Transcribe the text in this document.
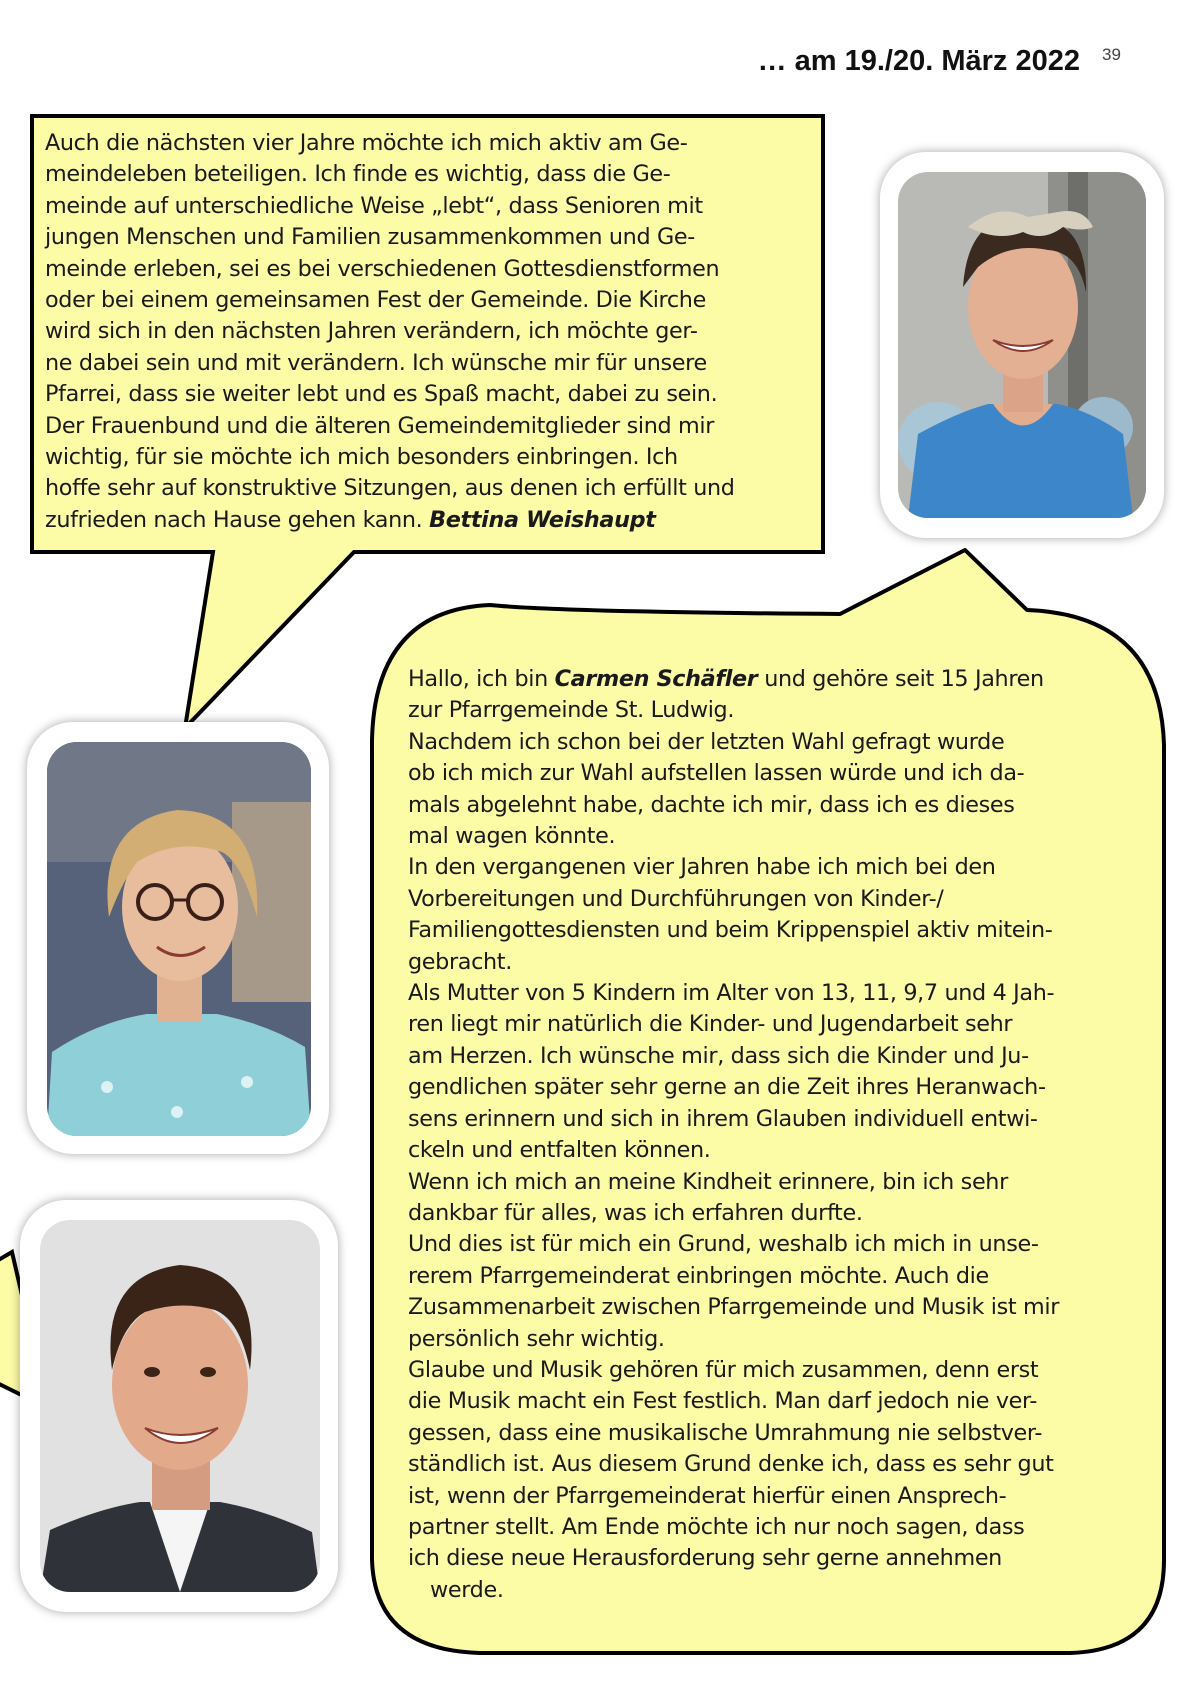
… am 19./20. März 2022 39
Auch die nächsten vier Jahre möchte ich mich aktiv am Ge-
meindeleben beteiligen. Ich finde es wichtig, dass die Ge-
meinde auf unterschiedliche Weise „lebt“, dass Senioren mit
jungen Menschen und Familien zusammenkommen und Ge-
meinde erleben, sei es bei verschiedenen Gottesdienstformen
oder bei einem gemeinsamen Fest der Gemeinde. Die Kirche
wird sich in den nächsten Jahren verändern, ich möchte ger-
ne dabei sein und mit verändern. Ich wünsche mir für unsere
Pfarrei, dass sie weiter lebt und es Spaß macht, dabei zu sein.
Der Frauenbund und die älteren Gemeindemitglieder sind mir
wichtig, für sie möchte ich mich besonders einbringen. Ich
hoffe sehr auf konstruktive Sitzungen, aus denen ich erfüllt und
zufrieden nach Hause gehen kann. Bettina Weishaupt
Hallo, ich bin Carmen Schäfler und gehöre seit 15 Jahren
zur Pfarrgemeinde St. Ludwig.
Nachdem ich schon bei der letzten Wahl gefragt wurde
ob ich mich zur Wahl aufstellen lassen würde und ich da-
mals abgelehnt habe, dachte ich mir, dass ich es dieses
mal wagen könnte.
In den vergangenen vier Jahren habe ich mich bei den
Vorbereitungen und Durchführungen von Kinder-/
Familiengottesdiensten und beim Krippenspiel aktiv mitein-
gebracht.
Als Mutter von 5 Kindern im Alter von 13, 11, 9,7 und 4 Jah-
ren liegt mir natürlich die Kinder- und Jugendarbeit sehr
am Herzen. Ich wünsche mir, dass sich die Kinder und Ju-
gendlichen später sehr gerne an die Zeit ihres Heranwach-
sens erinnern und sich in ihrem Glauben individuell entwi-
ckeln und entfalten können.
Wenn ich mich an meine Kindheit erinnere, bin ich sehr
dankbar für alles, was ich erfahren durfte.
Und dies ist für mich ein Grund, weshalb ich mich in unse-
rerem Pfarrgemeinderat einbringen möchte. Auch die
Zusammenarbeit zwischen Pfarrgemeinde und Musik ist mir
persönlich sehr wichtig.
Glaube und Musik gehören für mich zusammen, denn erst
die Musik macht ein Fest festlich. Man darf jedoch nie ver-
gessen, dass eine musikalische Umrahmung nie selbstver-
ständlich ist. Aus diesem Grund denke ich, dass es sehr gut
ist, wenn der Pfarrgemeinderat hierfür einen Ansprech-
partner stellt. Am Ende möchte ich nur noch sagen, dass
ich diese neue Herausforderung sehr gerne annehmen
werde.
